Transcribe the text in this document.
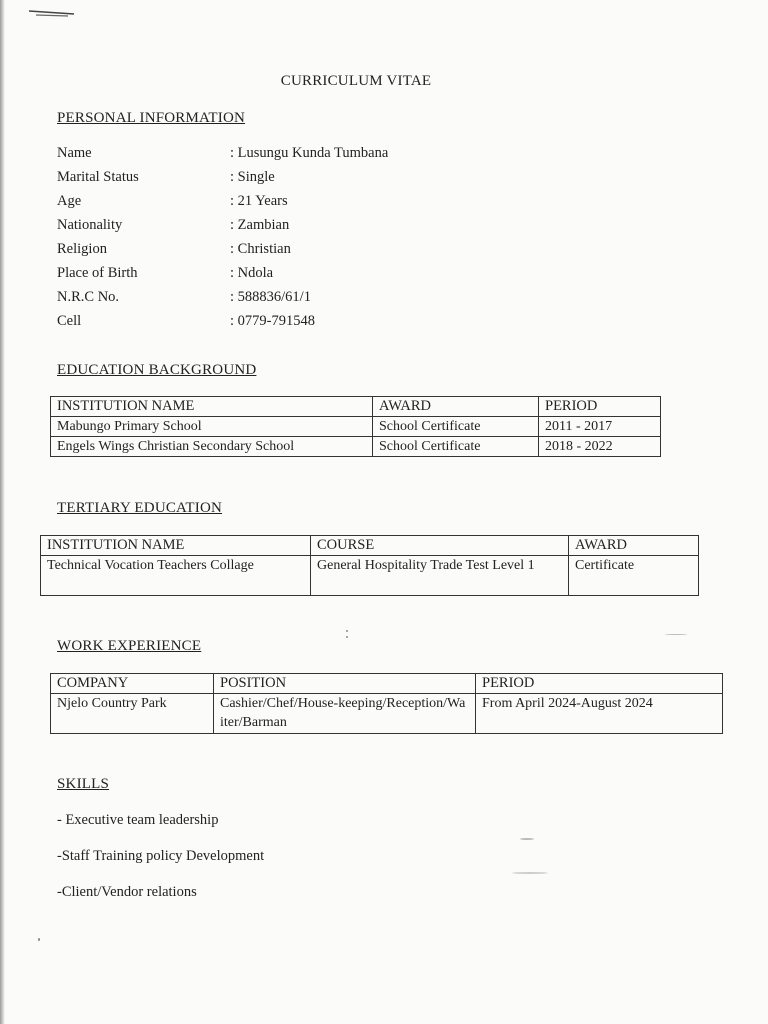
CURRICULUM VITAE
PERSONAL INFORMATION
Name	: Lusungu Kunda Tumbana
Marital Status	: Single
Age	: 21 Years
Nationality	: Zambian
Religion	: Christian
Place of Birth	: Ndola
N.R.C No.	: 588836/61/1
Cell	: 0779-791548
EDUCATION BACKGROUND
INSTITUTION NAME	AWARD	PERIOD
Mabungo Primary School	School Certificate	2011 - 2017
Engels Wings Christian Secondary School	School Certificate	2018 - 2022
TERTIARY EDUCATION
INSTITUTION NAME	COURSE	AWARD
Technical Vocation Teachers Collage	General Hospitality Trade Test Level 1	Certificate
WORK EXPERIENCE
COMPANY	POSITION	PERIOD
Njelo Country Park	Cashier/Chef/House-keeping/Reception/Waiter/Barman	From April 2024-August 2024
SKILLS
- Executive team leadership
-Staff Training policy Development
-Client/Vendor relations
